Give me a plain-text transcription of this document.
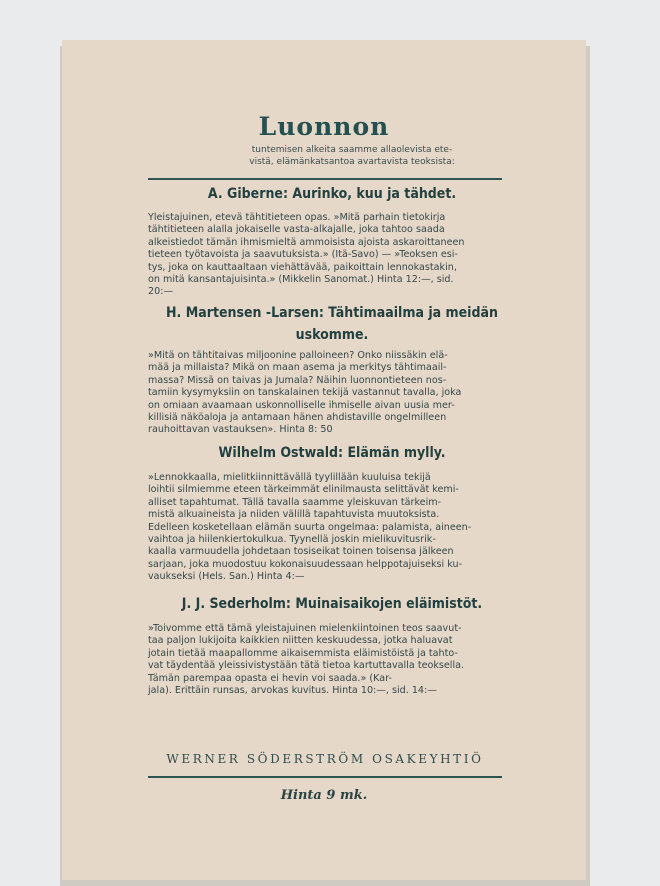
Luonnon
tuntemisen alkeita saamme allaolevista ete-
vistä, elämänkatsantoa avartavista teoksista:
A. Giberne: Aurinko, kuu ja tähdet.
Yleistajuinen, etevä tähtitieteen opas. »Mitä parhain tietokirja
tähtitieteen alalla jokaiselle vasta-alkajalle, joka tahtoo saada
alkeistiedot tämän ihmismieltä ammoisista ajoista askaroittaneen
tieteen työtavoista ja saavutuksista.» (Itä-Savo) — »Teoksen esi-
tys, joka on kauttaaltaan viehättävää, paikoittain lennokastakin,
on mitä kansantajuisinta.» (Mikkelin Sanomat.) Hinta 12:—, sid.
20:—
H. Martensen -Larsen: Tähtimaailma ja meidän
uskomme.
»Mitä on tähtitaivas miljoonine palloineen? Onko niissäkin elä-
mää ja millaista? Mikä on maan asema ja merkitys tähtimaail-
massa? Missä on taivas ja Jumala? Näihin luonnontieteen nos-
tamiin kysymyksiin on tanskalainen tekijä vastannut tavalla, joka
on omiaan avaamaan uskonnolliselle ihmiselle aivan uusia mer-
killisiä näköaloja ja antamaan hänen ahdistaville ongelmilleen
rauhoittavan vastauksen». Hinta 8: 50
Wilhelm Ostwald: Elämän mylly.
»Lennokkaalla, mielitkiinnittävällä tyylillään kuuluisa tekijä
loihtii silmiemme eteen tärkeimmät elinilmausta selittävät kemi-
alliset tapahtumat. Tällä tavalla saamme yleiskuvan tärkeim-
mistä alkuaineista ja niiden välillä tapahtuvista muutoksista.
Edelleen kosketellaan elämän suurta ongelmaa: palamista, aineen-
vaihtoa ja hiilenkiertokulkua. Tyynellä joskin mielikuvitusrik-
kaalla varmuudella johdetaan tosiseikat toinen toisensa jälkeen
sarjaan, joka muodostuu kokonaisuudessaan helppotajuiseksi ku-
vaukseksi (Hels. San.) Hinta 4:—
J. J. Sederholm: Muinaisaikojen eläimistöt.
»Toivomme että tämä yleistajuinen mielenkiintoinen teos saavut-
taa paljon lukijoita kaikkien niitten keskuudessa, jotka haluavat
jotain tietää maapallomme aikaisemmista eläimistöistä ja tahto-
vat täydentää yleissivistystään tätä tietoa kartuttavalla teoksella.
Tämän parempaa opasta ei hevin voi saada.» (Kar-
jala). Erittäin runsas, arvokas kuvitus. Hinta 10:—, sid. 14:—
WERNER SÖDERSTRÖM OSAKEYHTIÖ
Hinta 9 mk.
